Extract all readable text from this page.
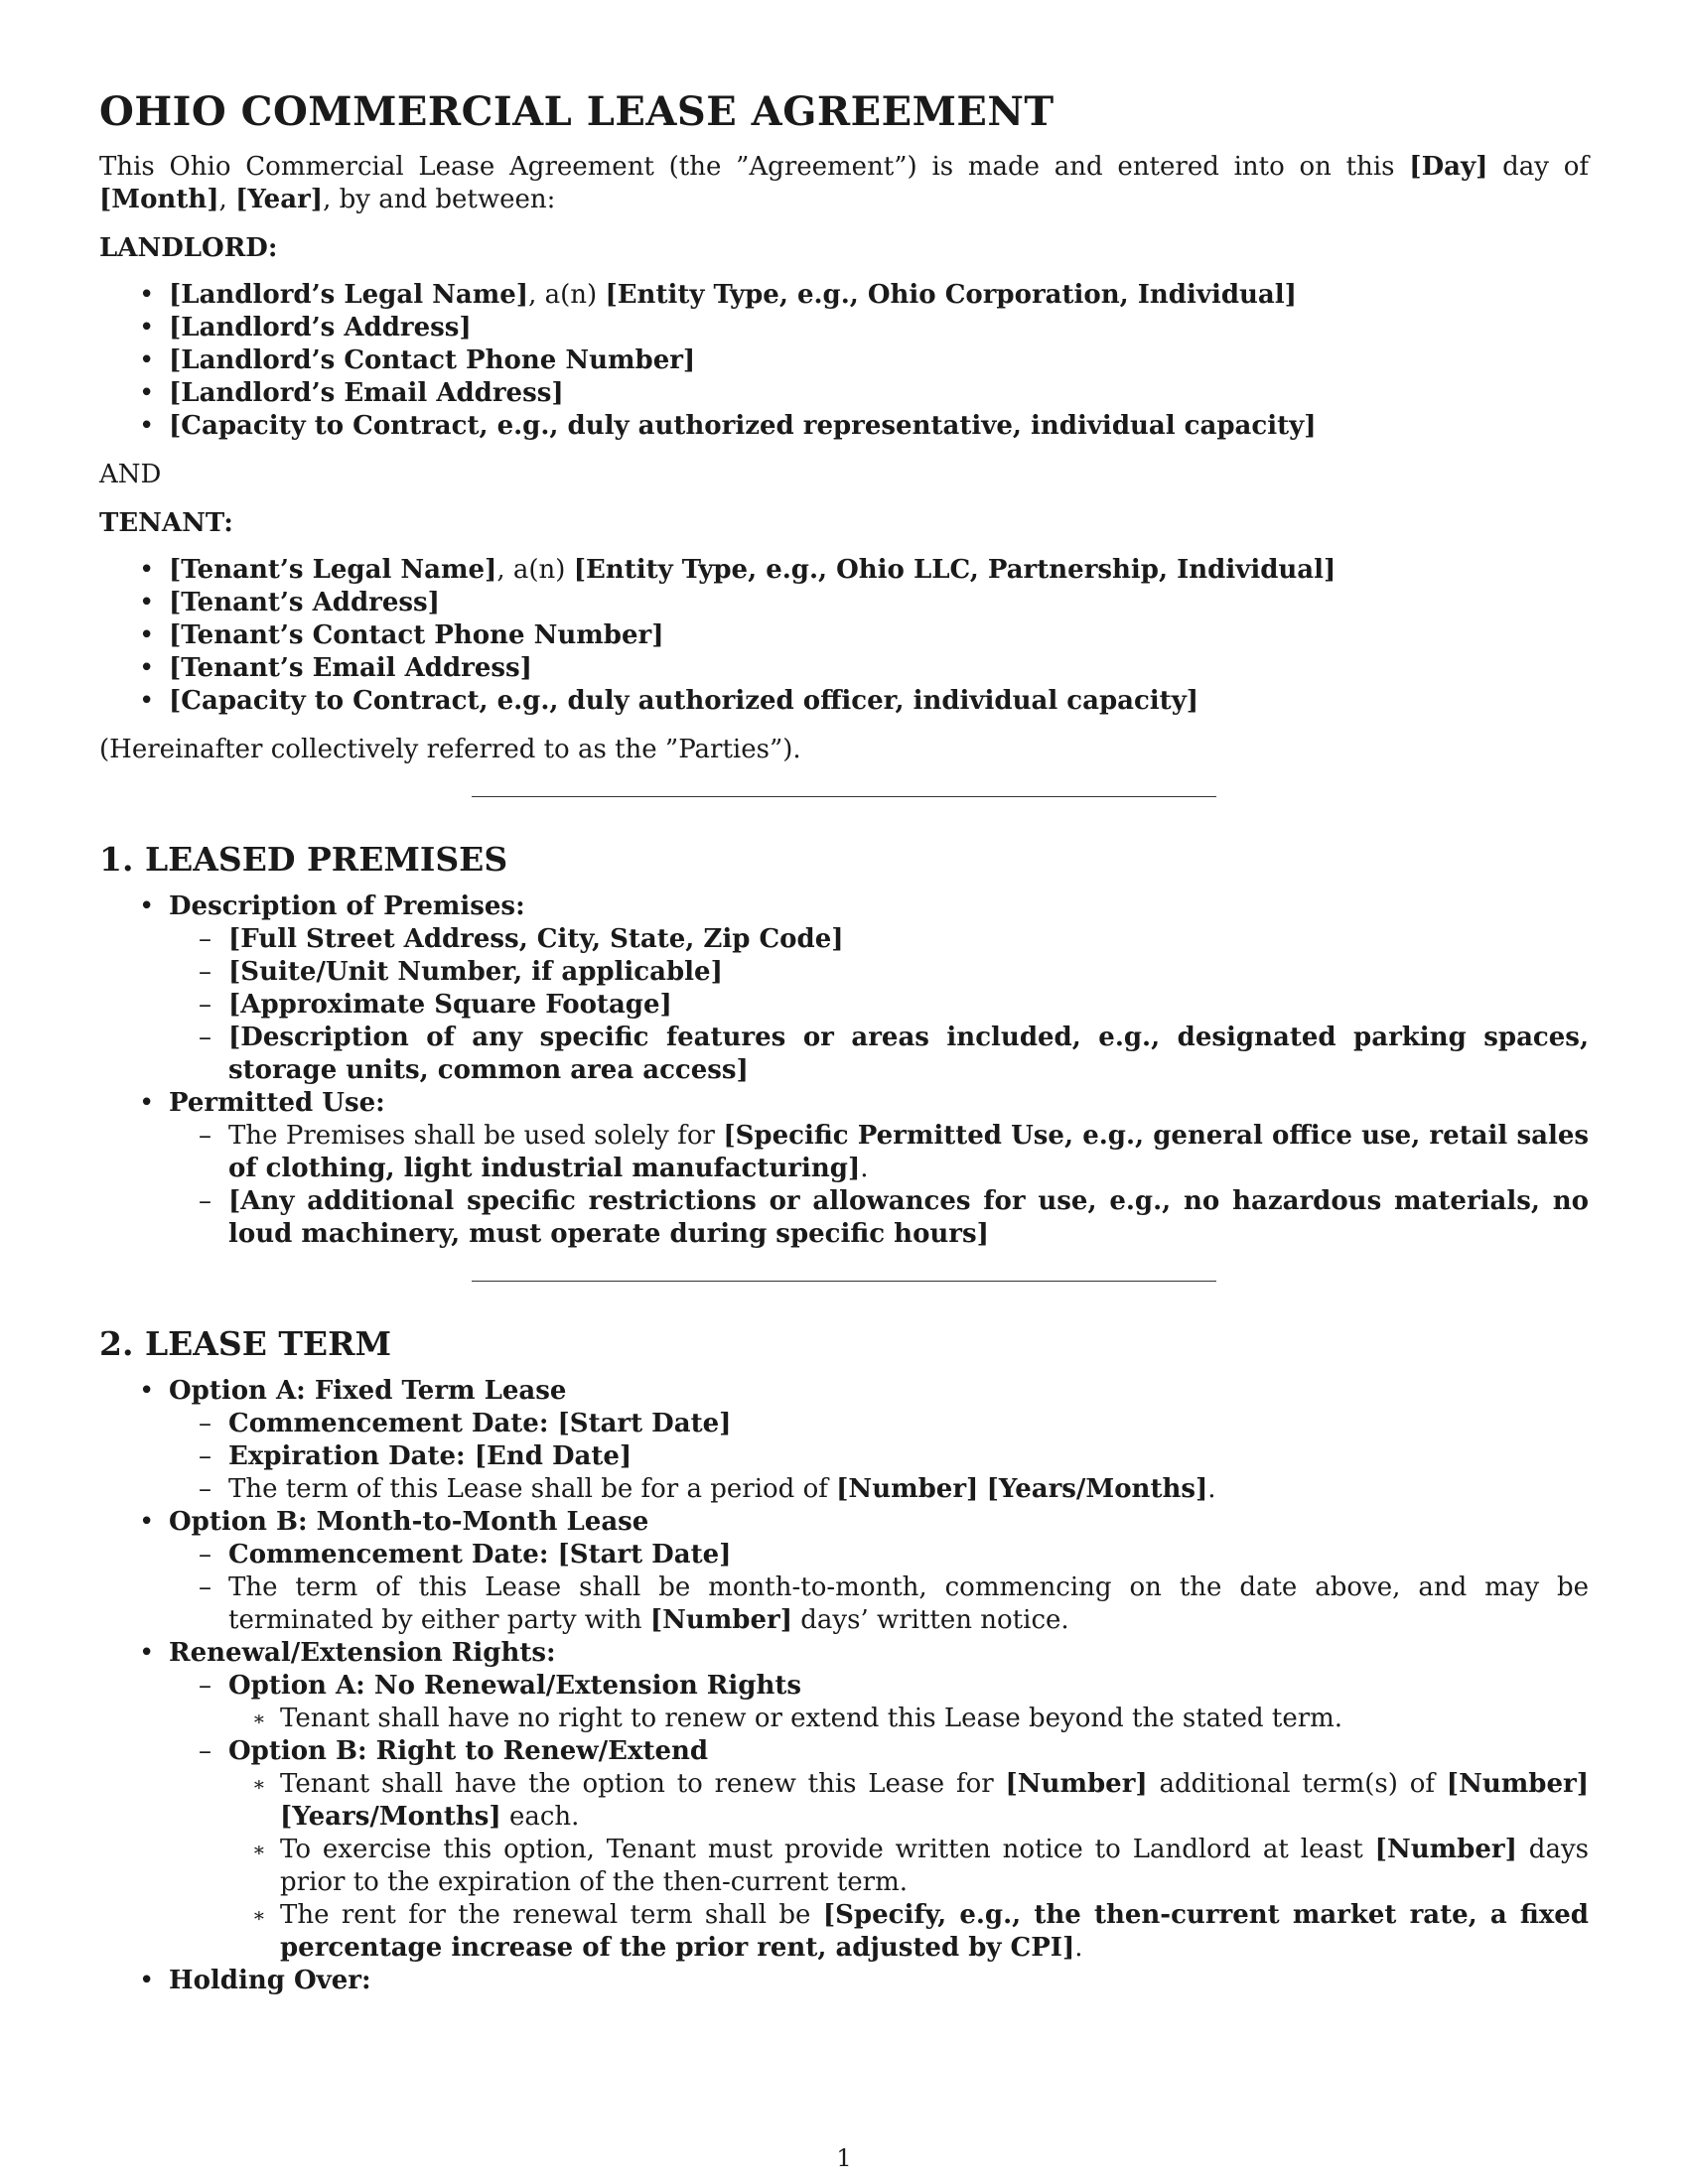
OHIO COMMERCIAL LEASE AGREEMENT

This Ohio Commercial Lease Agreement (the ”Agreement”) is made and entered into on this [Day] day of [Month], [Year], by and between:

LANDLORD:
• [Landlord’s Legal Name], a(n) [Entity Type, e.g., Ohio Corporation, Individual]
• [Landlord’s Address]
• [Landlord’s Contact Phone Number]
• [Landlord’s Email Address]
• [Capacity to Contract, e.g., duly authorized representative, individual capacity]

AND

TENANT:
• [Tenant’s Legal Name], a(n) [Entity Type, e.g., Ohio LLC, Partnership, Individual]
• [Tenant’s Address]
• [Tenant’s Contact Phone Number]
• [Tenant’s Email Address]
• [Capacity to Contract, e.g., duly authorized officer, individual capacity]

(Hereinafter collectively referred to as the ”Parties”).

1. LEASED PREMISES
• Description of Premises:
– [Full Street Address, City, State, Zip Code]
– [Suite/Unit Number, if applicable]
– [Approximate Square Footage]
– [Description of any specific features or areas included, e.g., designated parking spaces, storage units, common area access]
• Permitted Use:
– The Premises shall be used solely for [Specific Permitted Use, e.g., general office use, retail sales of clothing, light industrial manufacturing].
– [Any additional specific restrictions or allowances for use, e.g., no hazardous materials, no loud machinery, must operate during specific hours]
2. LEASE TERM
• Option A: Fixed Term Lease
– Commencement Date: [Start Date]
– Expiration Date: [End Date]
– The term of this Lease shall be for a period of [Number] [Years/Months].
• Option B: Month-to-Month Lease
– Commencement Date: [Start Date]
– The term of this Lease shall be month-to-month, commencing on the date above, and may be terminated by either party with [Number] days’ written notice.
• Renewal/Extension Rights:
– Option A: No Renewal/Extension Rights
∗ Tenant shall have no right to renew or extend this Lease beyond the stated term.
– Option B: Right to Renew/Extend
∗ Tenant shall have the option to renew this Lease for [Number] additional term(s) of [Number] [Years/Months] each.
∗ To exercise this option, Tenant must provide written notice to Landlord at least [Number] days prior to the expiration of the then-current term.
∗ The rent for the renewal term shall be [Specify, e.g., the then-current market rate, a fixed percentage increase of the prior rent, adjusted by CPI].
• Holding Over:
1
